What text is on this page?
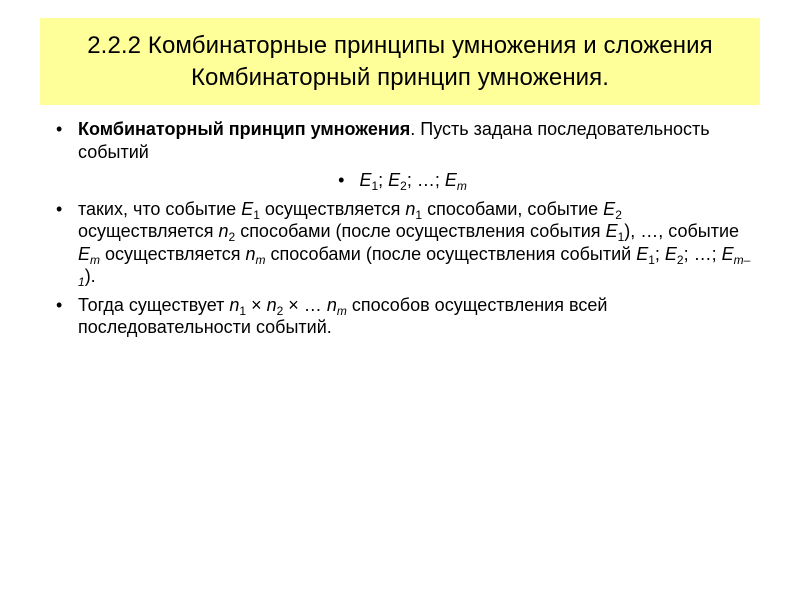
2.2.2 Комбинаторные принципы умножения и сложения
Комбинаторный принцип умножения.
• Комбинаторный принцип умножения. Пусть задана последовательность событий
• $E_1$; $E_2$; …; $E_m$
• таких, что событие $E_1$ осуществляется $n_1$ способами, событие $E_2$ осуществляется $n_2$ способами (после осуществления события $E_1$), …, событие $E_m$ осуществляется $n_m$ способами (после осуществления событий $E_1$; $E_2$; …; $E_{m-1}$).
• Тогда существует $n_1 \times n_2$ × … $n_m$ способов осуществления всей последовательности событий.
